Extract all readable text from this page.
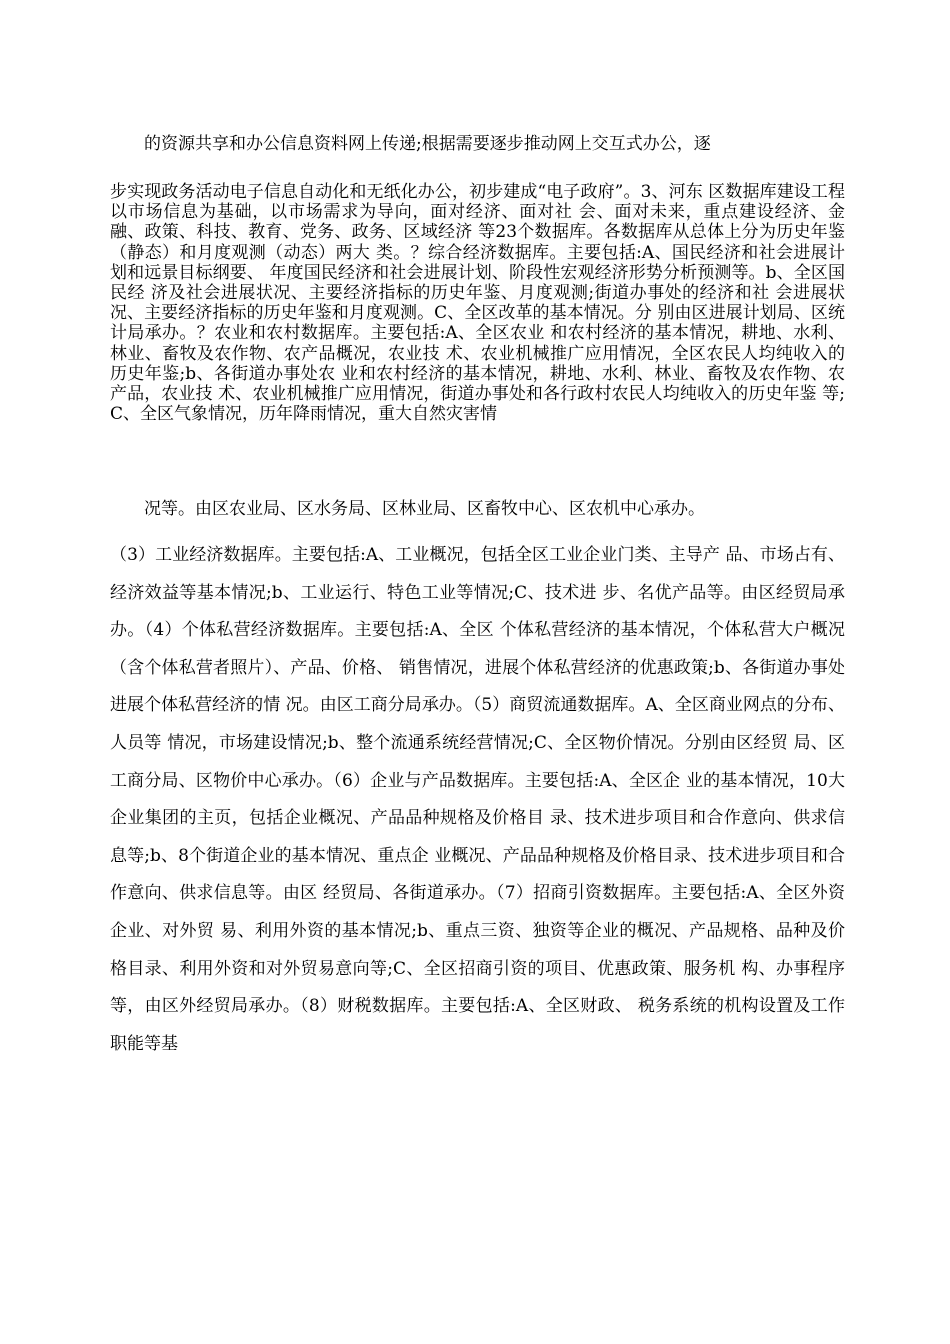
的资源共享和办公信息资料网上传递;根据需要逐步推动网上交互式办公，逐

步实现政务活动电子信息自动化和无纸化办公，初步建成“电子政府”。3、河东 区数据库建设工程以市场信息为基础，以市场需求为导向，面对经济、面对社 会、面对未来，重点建设经济、金融、政策、科技、教育、党务、政务、区域经济 等23个数据库。各数据库从总体上分为历史年鉴（静态）和月度观测（动态）两大 类。？综合经济数据库。主要包括:A、国民经济和社会进展计划和远景目标纲要、 年度国民经济和社会进展计划、阶段性宏观经济形势分析预测等。b、全区国民经 济及社会进展状况、主要经济指标的历史年鉴、月度观测;街道办事处的经济和社 会进展状况、主要经济指标的历史年鉴和月度观测。C、全区改革的基本情况。分 别由区进展计划局、区统计局承办。？农业和农村数据库。主要包括:A、全区农业 和农村经济的基本情况，耕地、水利、林业、畜牧及农作物、农产品概况，农业技 术、农业机械推广应用情况，全区农民人均纯收入的历史年鉴;b、各街道办事处农 业和农村经济的基本情况，耕地、水利、林业、畜牧及农作物、农产品，农业技 术、农业机械推广应用情况，街道办事处和各行政村农民人均纯收入的历史年鉴 等;C、全区气象情况，历年降雨情况，重大自然灾害情

况等。由区农业局、区水务局、区林业局、区畜牧中心、区农机中心承办。

（3）工业经济数据库。主要包括:A、工业概况，包括全区工业企业门类、主导产 品、市场占有、经济效益等基本情况;b、工业运行、特色工业等情况;C、技术进 步、名优产品等。由区经贸局承办。（4）个体私营经济数据库。主要包括:A、全区 个体私营经济的基本情况，个体私营大户概况（含个体私营者照片）、产品、价格、 销售情况，进展个体私营经济的优惠政策;b、各街道办事处进展个体私营经济的情 况。由区工商分局承办。（5）商贸流通数据库。A、全区商业网点的分布、人员等 情况，市场建设情况;b、整个流通系统经营情况;C、全区物价情况。分别由区经贸 局、区工商分局、区物价中心承办。（6）企业与产品数据库。主要包括:A、全区企 业的基本情况，10大企业集团的主页，包括企业概况、产品品种规格及价格目 录、技术进步项目和合作意向、供求信息等;b、8个街道企业的基本情况、重点企 业概况、产品品种规格及价格目录、技术进步项目和合作意向、供求信息等。由区 经贸局、各街道承办。（7）招商引资数据库。主要包括:A、全区外资企业、对外贸 易、利用外资的基本情况;b、重点三资、独资等企业的概况、产品规格、品种及价 格目录、利用外资和对外贸易意向等;C、全区招商引资的项目、优惠政策、服务机 构、办事程序等，由区外经贸局承办。（8）财税数据库。主要包括:A、全区财政、 税务系统的机构设置及工作职能等基
